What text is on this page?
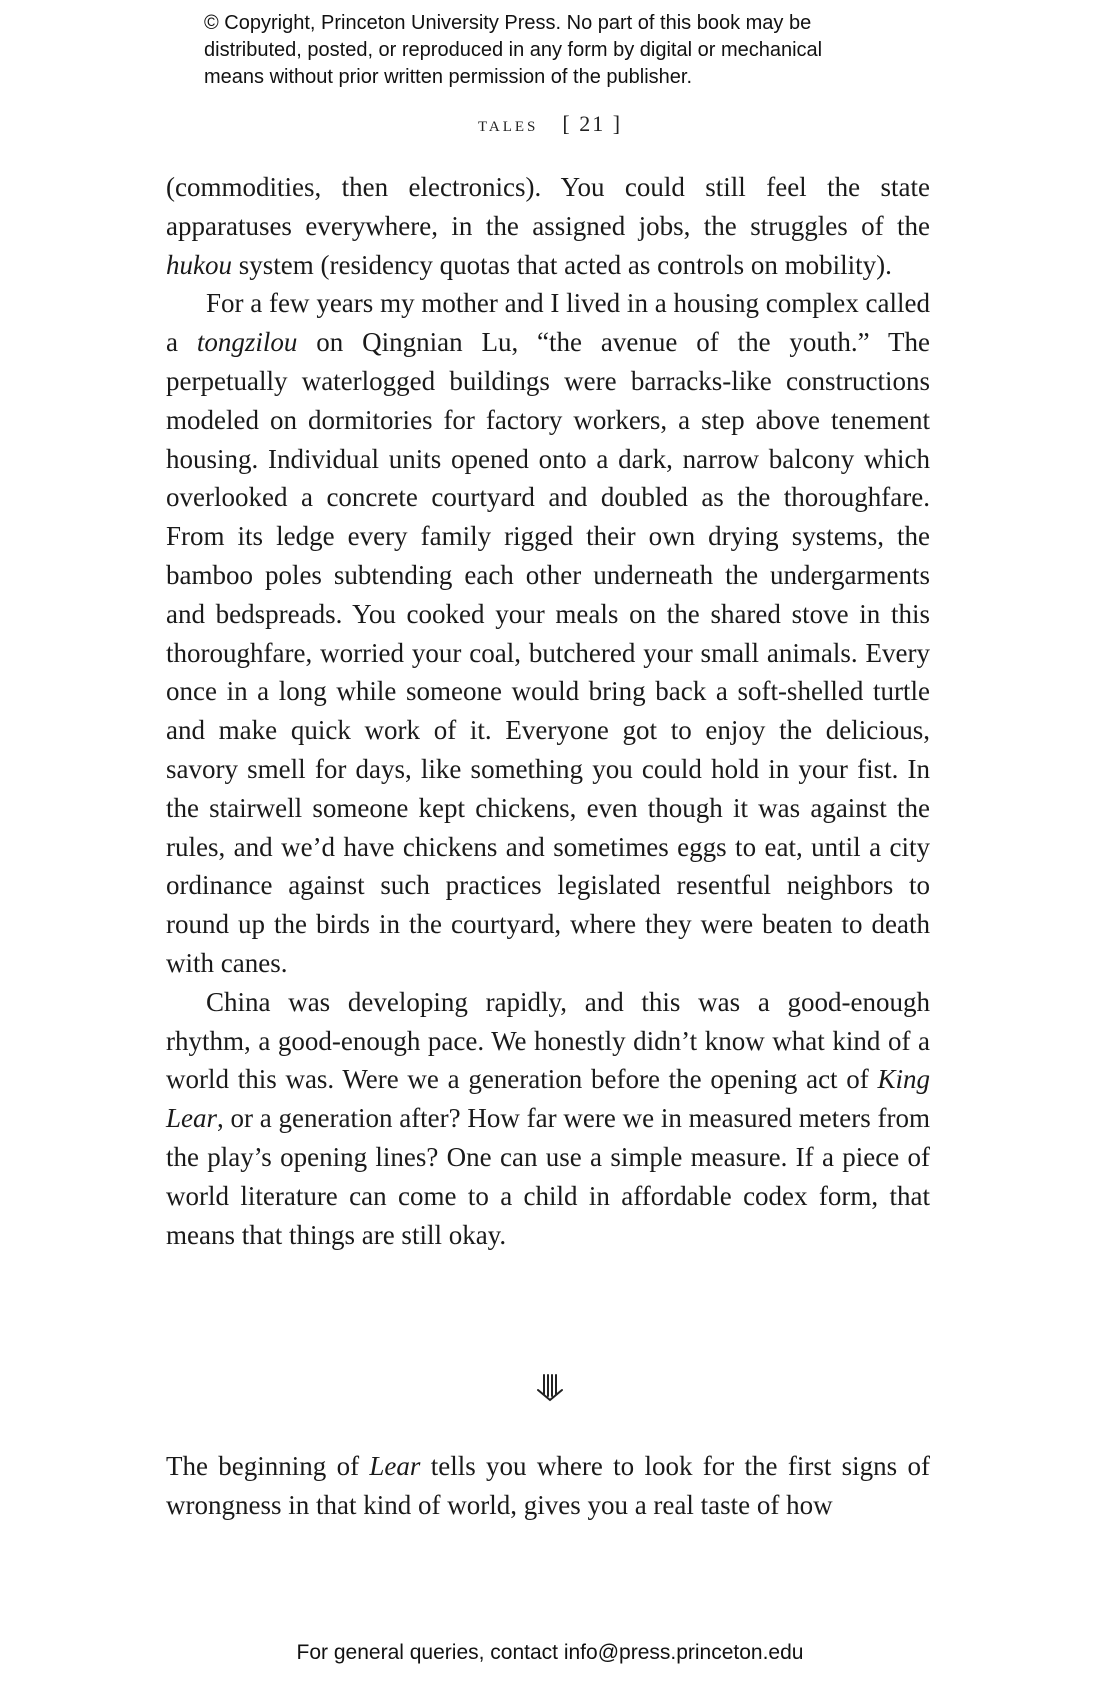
© Copyright, Princeton University Press. No part of this book may be
distributed, posted, or reproduced in any form by digital or mechanical
means without prior written permission of the publisher.
tales [ 21 ]

(commodities, then electronics). You could still feel the state apparatuses everywhere, in the assigned jobs, the struggles of the hukou system (residency quotas that acted as controls on mobility).

For a few years my mother and I lived in a housing complex called a tongzilou on Qingnian Lu, “the avenue of the youth.” The perpetually waterlogged buildings were barracks-like constructions modeled on dormitories for factory workers, a step above tenement housing. Individual units opened onto a dark, narrow balcony which overlooked a concrete courtyard and doubled as the thoroughfare. From its ledge every family rigged their own drying systems, the bamboo poles subtending each other underneath the undergarments and bedspreads. You cooked your meals on the shared stove in this thoroughfare, worried your coal, butchered your small animals. Every once in a long while someone would bring back a soft-shelled turtle and make quick work of it. Everyone got to enjoy the delicious, savory smell for days, like something you could hold in your fist. In the stairwell someone kept chickens, even though it was against the rules, and we’d have chickens and sometimes eggs to eat, until a city ordinance against such practices legislated resentful neighbors to round up the birds in the courtyard, where they were beaten to death with canes.

China was developing rapidly, and this was a good-enough rhythm, a good-enough pace. We honestly didn’t know what kind of a world this was. Were we a generation before the opening act of King Lear, or a generation after? How far were we in measured meters from the play’s opening lines? One can use a simple measure. If a piece of world literature can come to a child in affordable codex form, that means that things are still okay.

The beginning of Lear tells you where to look for the first signs of wrongness in that kind of world, gives you a real taste of how

For general queries, contact info@press.princeton.edu
